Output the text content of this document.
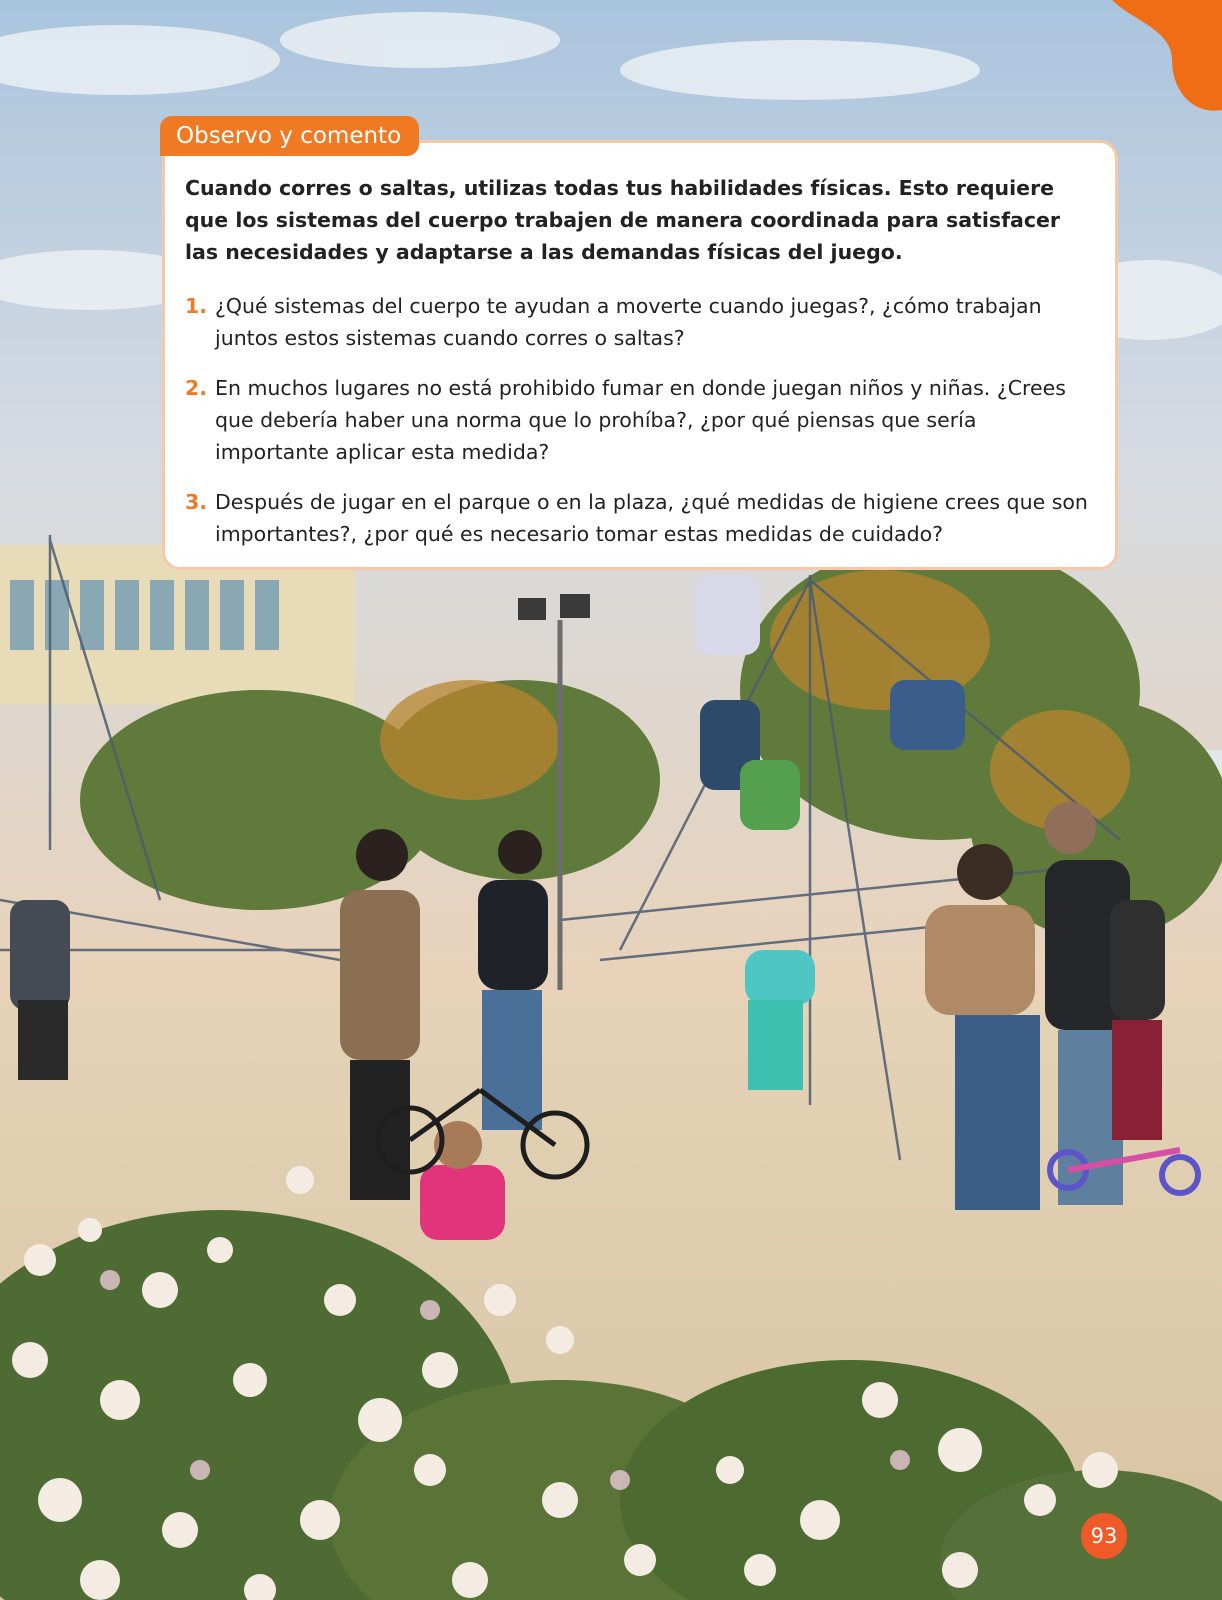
Observo y comento
Cuando corres o saltas, utilizas todas tus habilidades físicas. Esto requiere que los sistemas del cuerpo trabajen de manera coordinada para satisfacer las necesidades y adaptarse a las demandas físicas del juego.
1. ¿Qué sistemas del cuerpo te ayudan a moverte cuando juegas?, ¿cómo trabajan juntos estos sistemas cuando corres o saltas?
2. En muchos lugares no está prohibido fumar en donde juegan niños y niñas. ¿Crees que debería haber una norma que lo prohíba?, ¿por qué piensas que sería importante aplicar esta medida?
3. Después de jugar en el parque o en la plaza, ¿qué medidas de higiene crees que son importantes?, ¿por qué es necesario tomar estas medidas de cuidado?
93
